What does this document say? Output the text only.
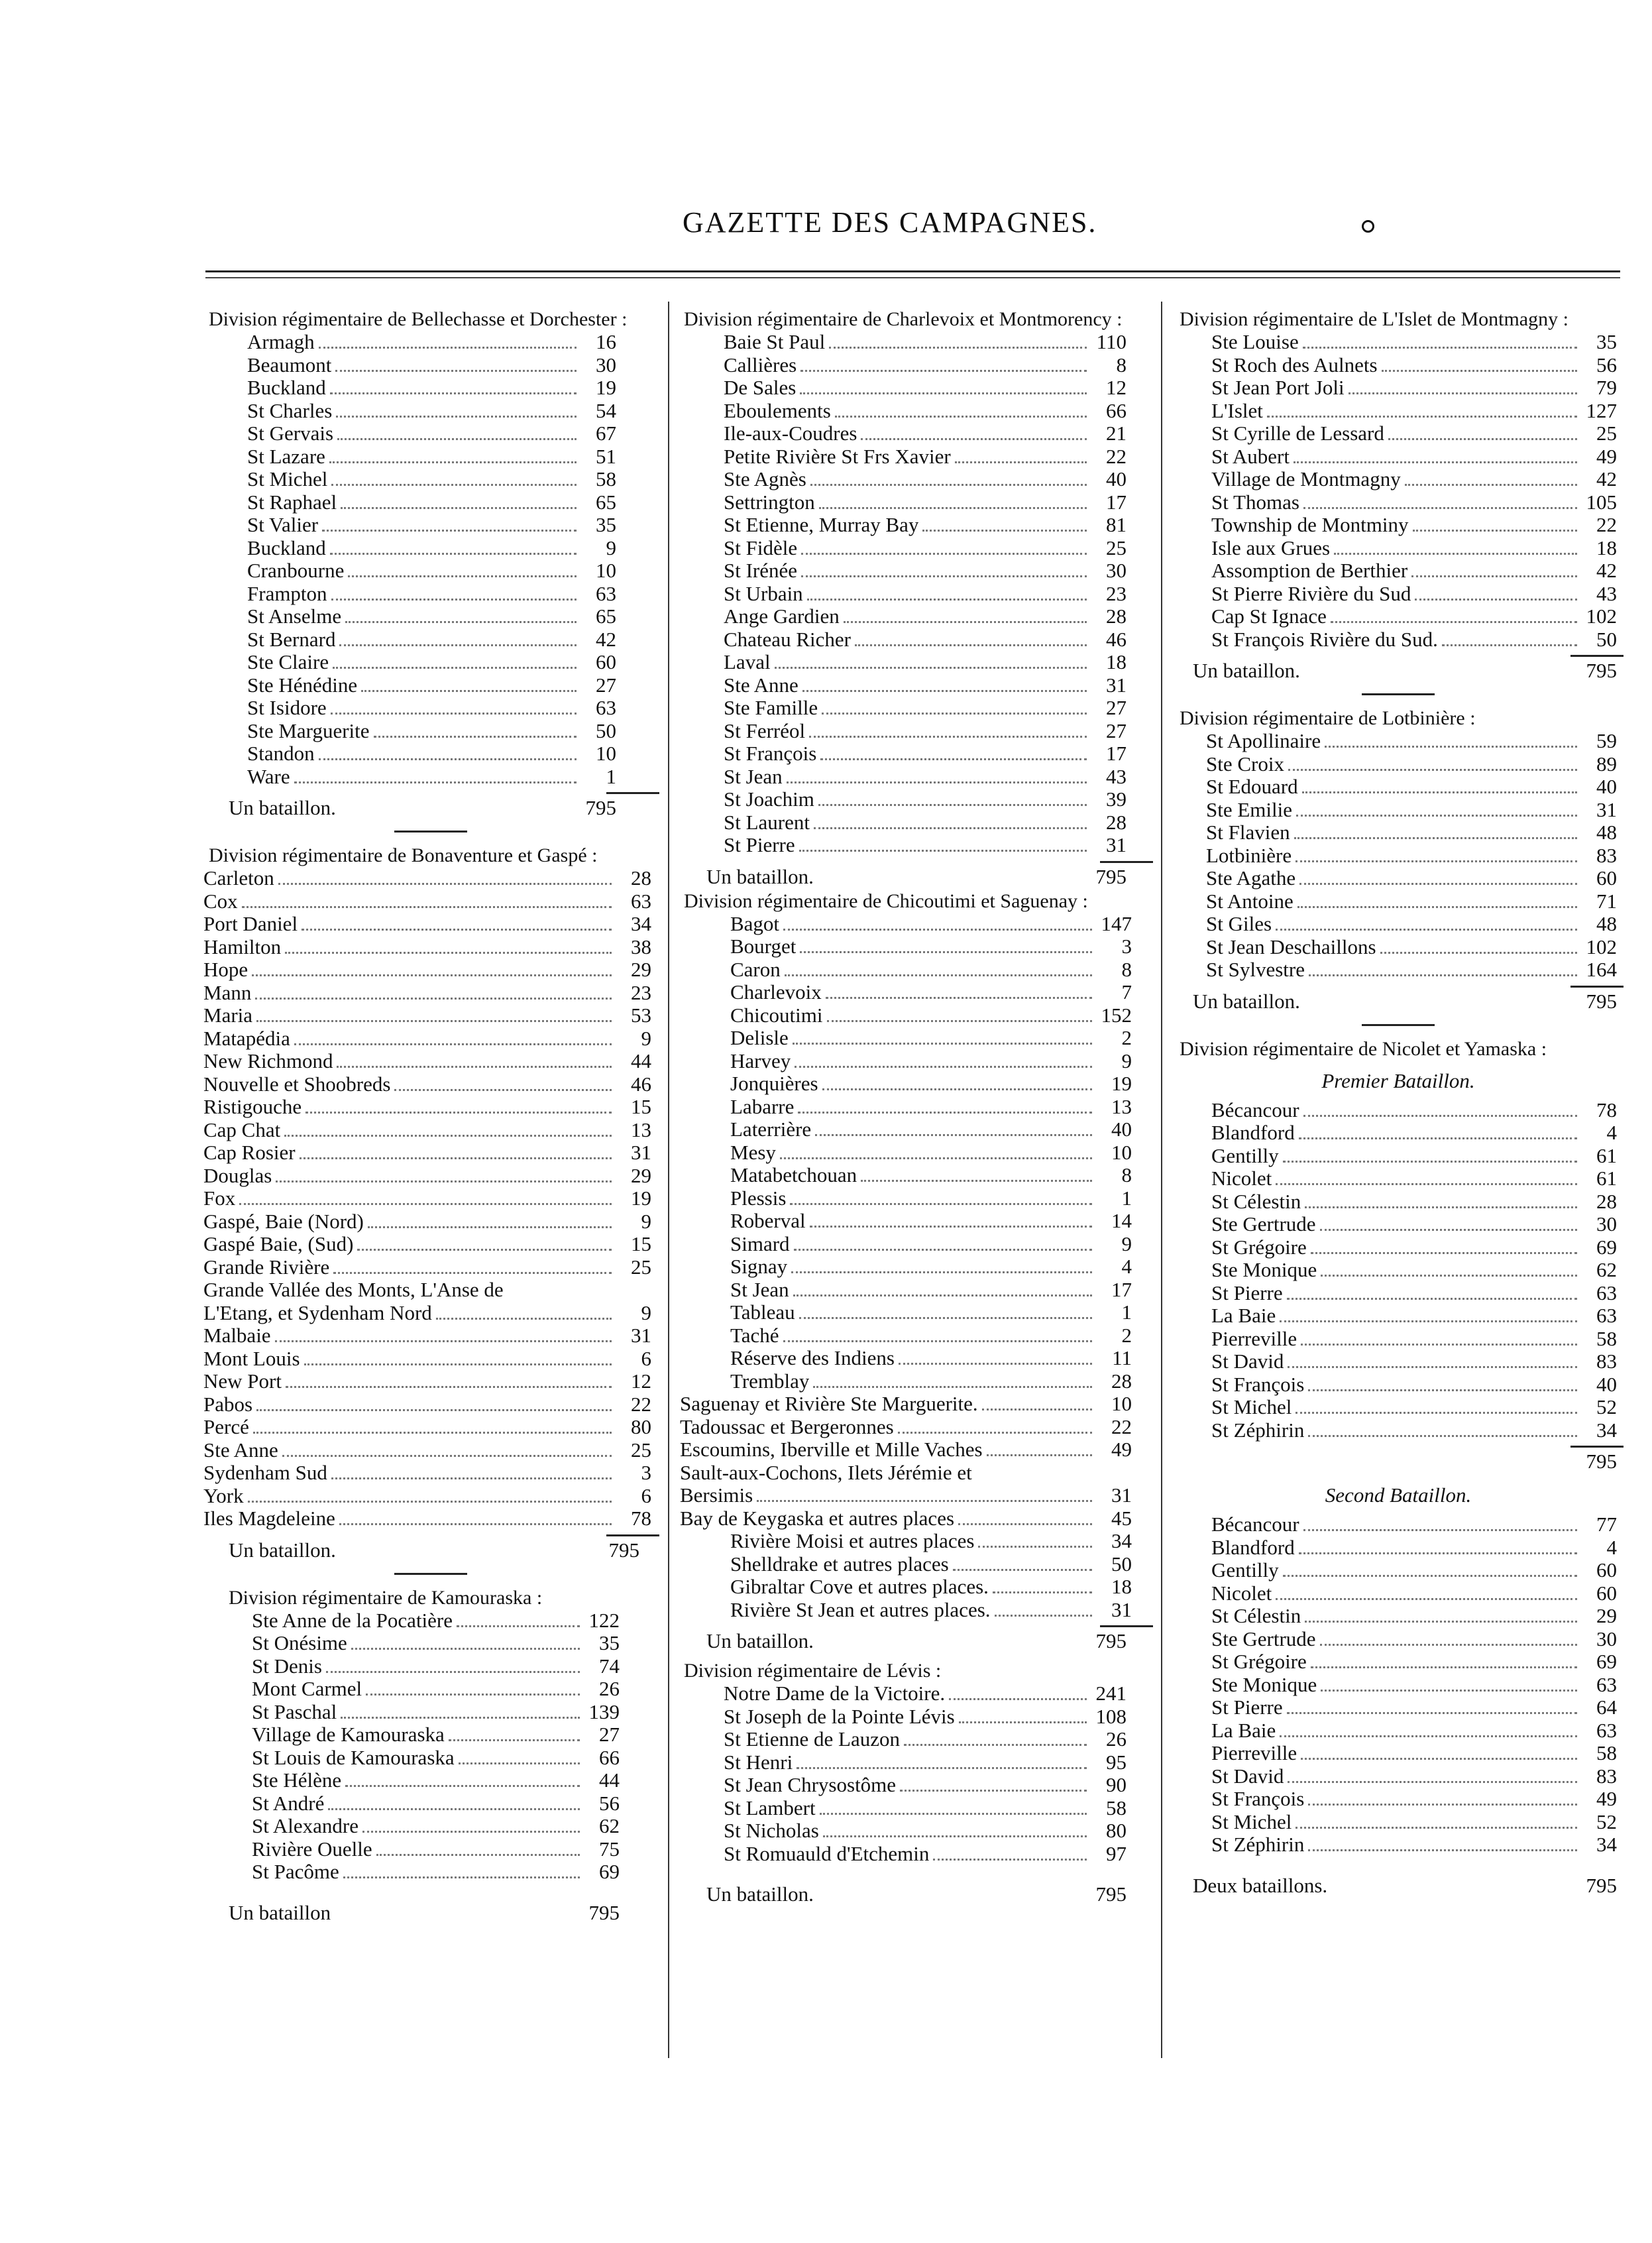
GAZETTE DES CAMPAGNES.

Division régimentaire de Bellechasse et Dorchester :

Armagh	16
Beaumont	30
Buckland	19
St Charles	54
St Gervais	67
St Lazare	51
St Michel	58
St Raphael	65
St Valier	35
Buckland	9
Cranbourne	10
Frampton	63
St Anselme	65
St Bernard	42
Ste Claire	60
Ste Hénédine	27
St Isidore	63
Ste Marguerite	50
Standon	10
Ware	1
Un bataillon.	795

Division régimentaire de Bonaventure et Gaspé :

Carleton	28
Cox	63
Port Daniel	34
Hamilton	38
Hope	29
Mann	23
Maria	53
Matapédia	9
New Richmond	44
Nouvelle et Shoobreds	46
Ristigouche	15
Cap Chat	13
Cap Rosier	31
Douglas	29
Fox	19
Gaspé, Baie (Nord)	9
Gaspé Baie, (Sud)	15
Grande Rivière	25
Grande Vallée des Monts, L'Anse de
L'Etang, et Sydenham Nord	9
Malbaie	31
Mont Louis	6
New Port	12
Pabos	22
Percé	80
Ste Anne	25
Sydenham Sud	3
York	6
Iles Magdeleine	78
Un bataillon.	795

Division régimentaire de Kamouraska :

Ste Anne de la Pocatière	122
St Onésime	35
St Denis	74
Mont Carmel	26
St Paschal	139
Village de Kamouraska	27
St Louis de Kamouraska	66
Ste Hélène	44
St André	56
St Alexandre	62
Rivière Ouelle	75
St Pacôme	69
Un bataillon	795

Division régimentaire de Charlevoix et Montmorency :

Baie St Paul	110
Callières	8
De Sales	12
Eboulements	66
Ile-aux-Coudres	21
Petite Rivière St Frs Xavier	22
Ste Agnès	40
Settrington	17
St Etienne, Murray Bay	81
St Fidèle	25
St Irénée	30
St Urbain	23
Ange Gardien	28
Chateau Richer	46
Laval	18
Ste Anne	31
Ste Famille	27
St Ferréol	27
St François	17
St Jean	43
St Joachim	39
St Laurent	28
St Pierre	31
Un bataillon.	795

Division régimentaire de Chicoutimi et Saguenay :

Bagot	147
Bourget	3
Caron	8
Charlevoix	7
Chicoutimi	152
Delisle	2
Harvey	9
Jonquières	19
Labarre	13
Laterrière	40
Mesy	10
Matabetchouan	8
Plessis	1
Roberval	14
Simard	9
Signay	4
St Jean	17
Tableau	1
Taché	2
Réserve des Indiens	11
Tremblay	28
Saguenay et Rivière Ste Marguerite.	10
Tadoussac et Bergeronnes	22
Escoumins, Iberville et Mille Vaches	49
Sault-aux-Cochons, Ilets Jérémie et
Bersimis	31
Bay de Keygaska et autres places	45
Rivière Moisi et autres places	34
Shelldrake et autres places	50
Gibraltar Cove et autres places.	18
Rivière St Jean et autres places.	31
Un bataillon.	795

Division régimentaire de Lévis :

Notre Dame de la Victoire.	241
St Joseph de la Pointe Lévis	108
St Etienne de Lauzon	26
St Henri	95
St Jean Chrysostôme	90
St Lambert	58
St Nicholas	80
St Romuauld d'Etchemin	97
Un bataillon.	795

Division régimentaire de L'Islet de Montmagny :

Ste Louise	35
St Roch des Aulnets	56
St Jean Port Joli	79
L'Islet	127
St Cyrille de Lessard	25
St Aubert	49
Village de Montmagny	42
St Thomas	105
Township de Montminy	22
Isle aux Grues	18
Assomption de Berthier	42
St Pierre Rivière du Sud	43
Cap St Ignace	102
St François Rivière du Sud.	50
Un bataillon.	795

Division régimentaire de Lotbinière :

St Apollinaire	59
Ste Croix	89
St Edouard	40
Ste Emilie	31
St Flavien	48
Lotbinière	83
Ste Agathe	60
St Antoine	71
St Giles	48
St Jean Deschaillons	102
St Sylvestre	164
Un bataillon.	795

Division régimentaire de Nicolet et Yamaska :

Premier Bataillon.
Bécancour	78
Blandford	4
Gentilly	61
Nicolet	61
St Célestin	28
Ste Gertrude	30
St Grégoire	69
Ste Monique	62
St Pierre	63
La Baie	63
Pierreville	58
St David	83
St François	40
St Michel	52
St Zéphirin	34
795
Second Bataillon.
Bécancour	77
Blandford	4
Gentilly	60
Nicolet	60
St Célestin	29
Ste Gertrude	30
St Grégoire	69
Ste Monique	63
St Pierre	64
La Baie	63
Pierreville	58
St David	83
St François	49
St Michel	52
St Zéphirin	34
Deux bataillons.	795
